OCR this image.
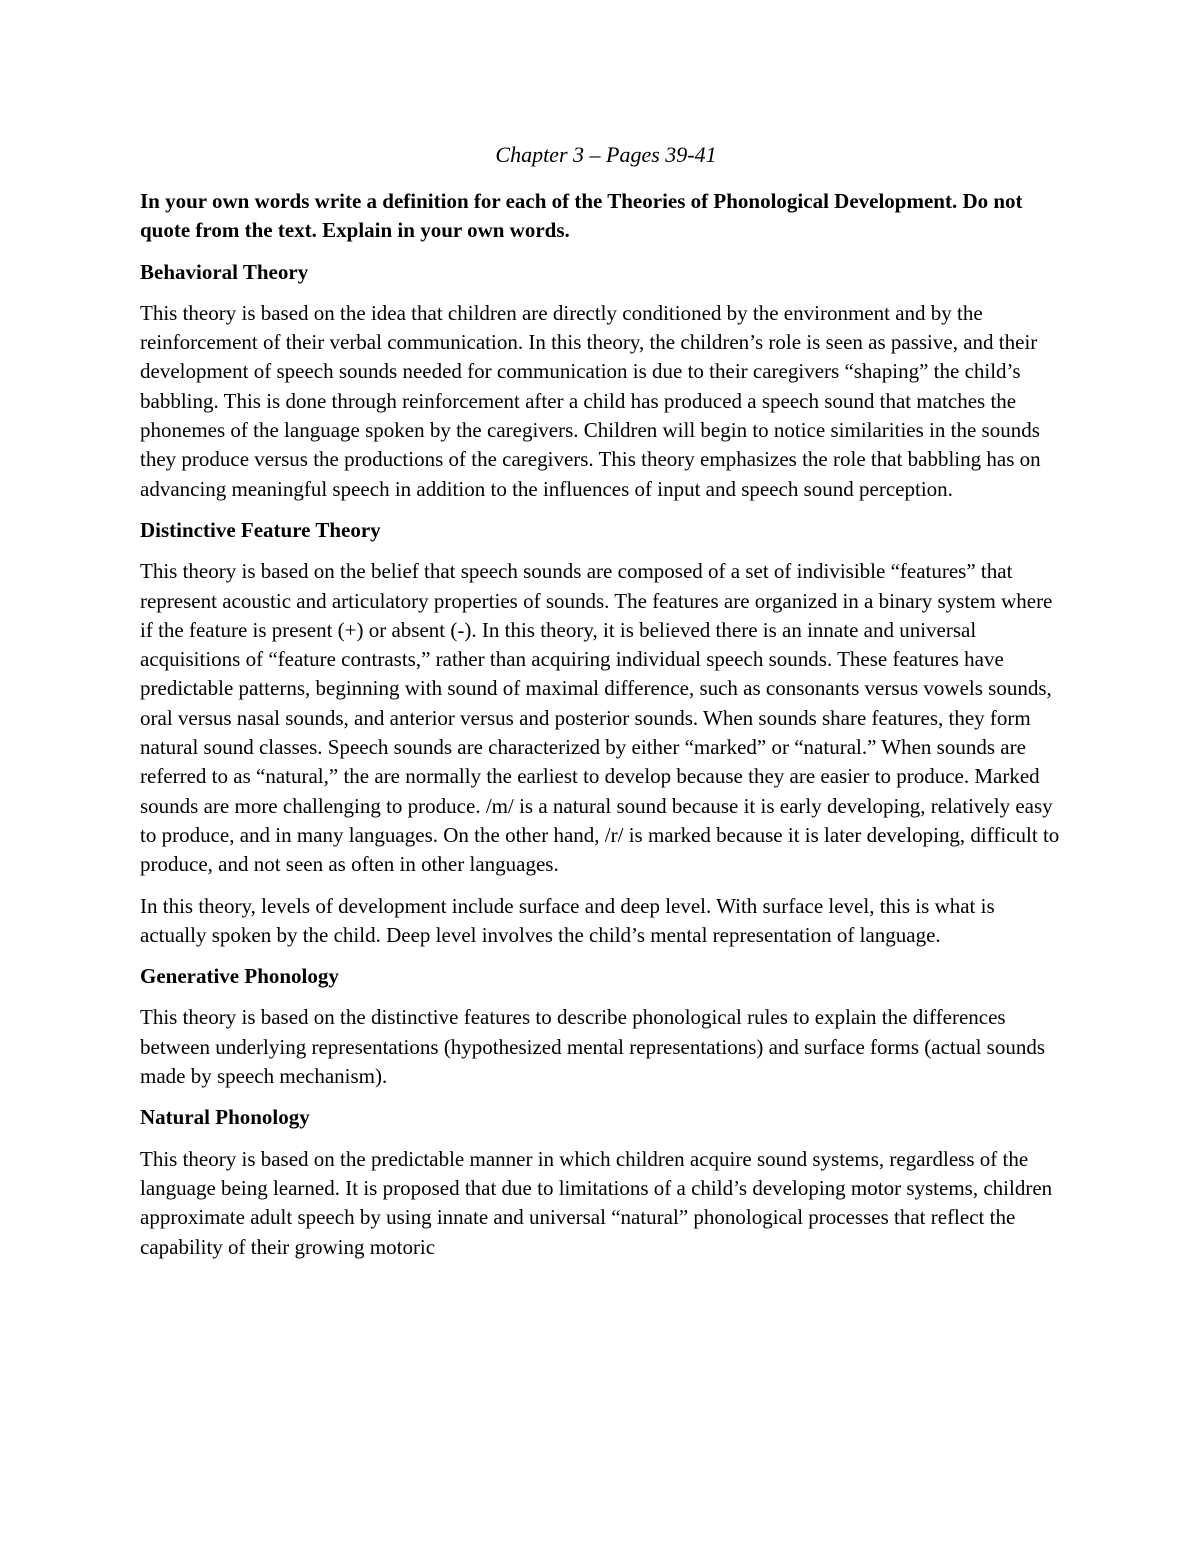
Chapter 3 – Pages 39-41
In your own words write a definition for each of the Theories of Phonological Development. Do not quote from the text. Explain in your own words.
Behavioral Theory
This theory is based on the idea that children are directly conditioned by the environment and by the reinforcement of their verbal communication. In this theory, the children’s role is seen as passive, and their development of speech sounds needed for communication is due to their caregivers “shaping” the child’s babbling. This is done through reinforcement after a child has produced a speech sound that matches the phonemes of the language spoken by the caregivers. Children will begin to notice similarities in the sounds they produce versus the productions of the caregivers. This theory emphasizes the role that babbling has on advancing meaningful speech in addition to the influences of input and speech sound perception.
Distinctive Feature Theory
This theory is based on the belief that speech sounds are composed of a set of indivisible “features” that represent acoustic and articulatory properties of sounds. The features are organized in a binary system where if the feature is present (+) or absent (-). In this theory, it is believed there is an innate and universal acquisitions of “feature contrasts,” rather than acquiring individual speech sounds. These features have predictable patterns, beginning with sound of maximal difference, such as consonants versus vowels sounds, oral versus nasal sounds, and anterior versus and posterior sounds. When sounds share features, they form natural sound classes. Speech sounds are characterized by either “marked” or “natural.” When sounds are referred to as “natural,” the are normally the earliest to develop because they are easier to produce. Marked sounds are more challenging to produce. /m/ is a natural sound because it is early developing, relatively easy to produce, and in many languages. On the other hand, /r/ is marked because it is later developing, difficult to produce, and not seen as often in other languages.
In this theory, levels of development include surface and deep level. With surface level, this is what is actually spoken by the child. Deep level involves the child’s mental representation of language.
Generative Phonology
This theory is based on the distinctive features to describe phonological rules to explain the differences between underlying representations (hypothesized mental representations) and surface forms (actual sounds made by speech mechanism).
Natural Phonology
This theory is based on the predictable manner in which children acquire sound systems, regardless of the language being learned. It is proposed that due to limitations of a child’s developing motor systems, children approximate adult speech by using innate and universal “natural” phonological processes that reflect the capability of their growing motoric
